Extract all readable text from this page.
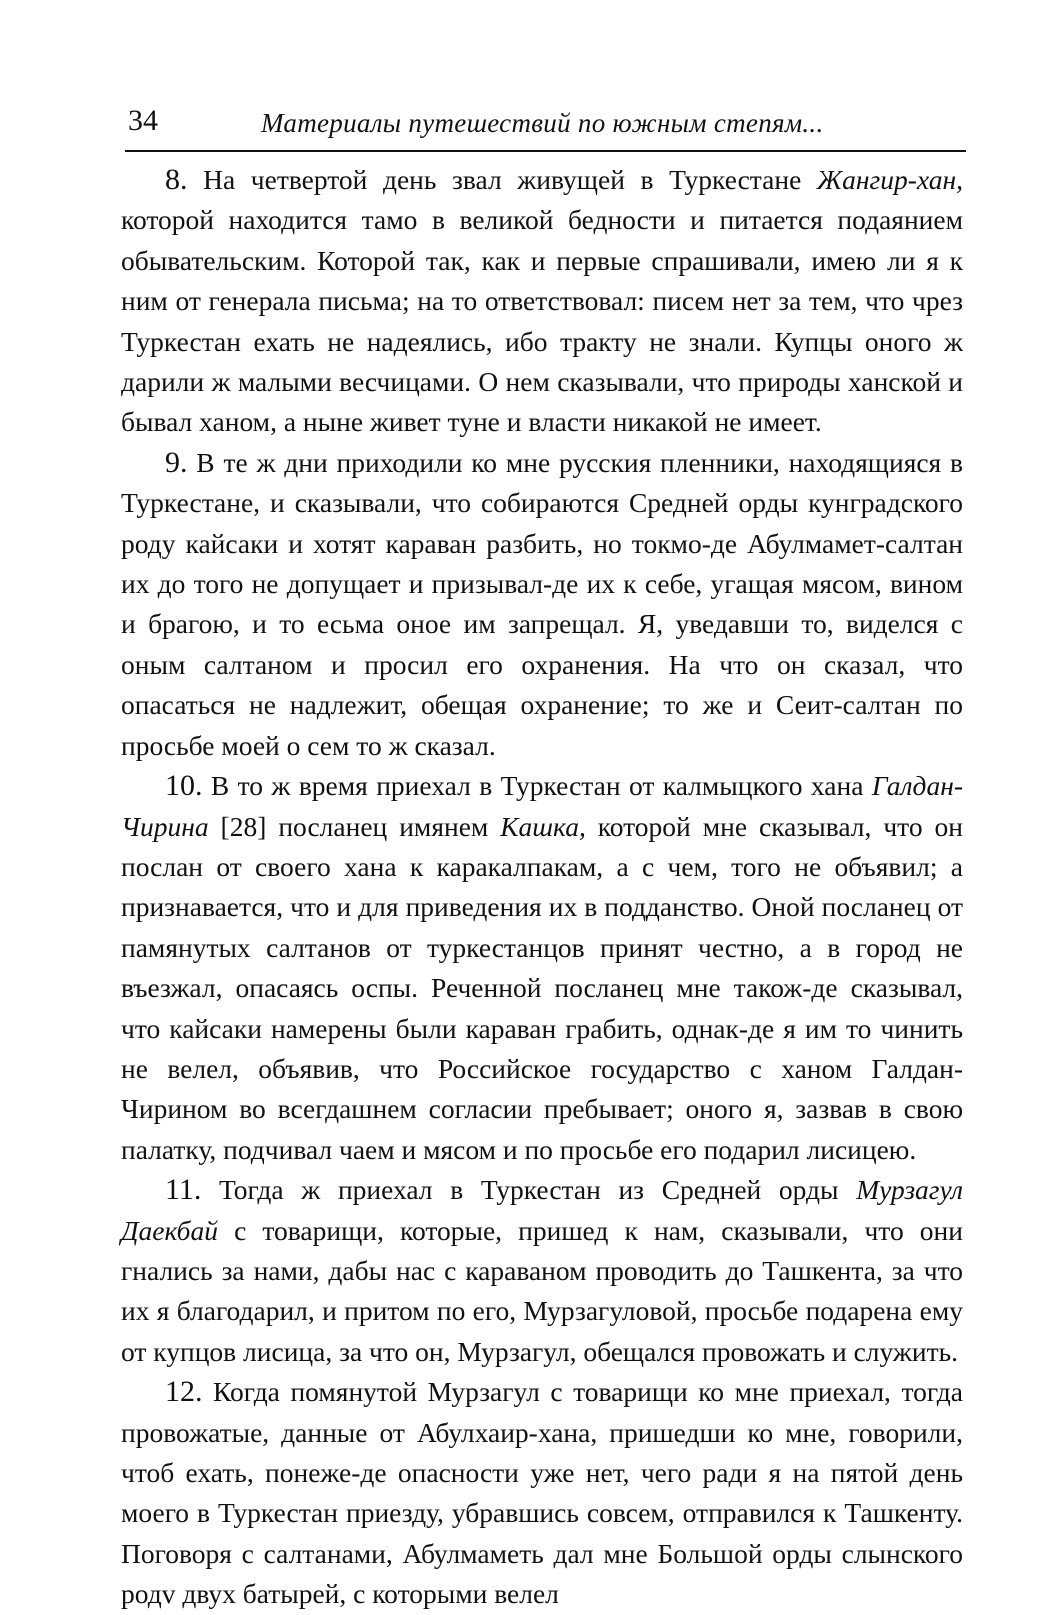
34	Материалы путешествий по южным степям...

8. На четвертой день звал живущей в Туркестане Жангир-хан, которой находится тамо в великой бедности и питается подаянием обывательским. Которой так, как и первые спрашивали, имею ли я к ним от генерала письма; на то ответствовал: писем нет за тем, что чрез Туркестан ехать не надеялись, ибо тракту не знали. Купцы оного ж дарили ж малыми весчицами. О нем сказывали, что природы ханской и бывал ханом, а ныне живет туне и власти никакой не имеет.

9. В те ж дни приходили ко мне русския пленники, находящияся в Туркестане, и сказывали, что собираются Средней орды кунградского роду кайсаки и хотят караван разбить, но токмо-де Абулмамет-салтан их до того не допущает и призывал-де их к себе, угащая мясом, вином и брагою, и то есьма оное им запрещал. Я, уведавши то, виделся с оным салтаном и просил его охранения. На что он сказал, что опасаться не надлежит, обещая охранение; то же и Сеит-салтан по просьбе моей о сем то ж сказал.

10. В то ж время приехал в Туркестан от калмыцкого хана Галдан-Чирина [28] посланец имянем Кашка, которой мне сказывал, что он послан от своего хана к каракалпакам, а с чем, того не объявил; а признавается, что и для приведения их в подданство. Оной посланец от памянутых салтанов от туркестанцов принят честно, а в город не въезжал, опасаясь оспы. Реченной посланец мне також-де сказывал, что кайсаки намерены были караван грабить, однак-де я им то чинить не велел, объявив, что Российское государство с ханом Галдан-Чирином во всегдашнем согласии пребывает; оного я, зазвав в свою палатку, подчивал чаем и мясом и по просьбе его подарил лисицею.

11. Тогда ж приехал в Туркестан из Средней орды Мурзагул Даекбай с товарищи, которые, пришед к нам, сказывали, что они гнались за нами, дабы нас с караваном проводить до Ташкента, за что их я благодарил, и притом по его, Мурзагуловой, просьбе подарена ему от купцов лисица, за что он, Мурзагул, обещался провожать и служить.

12. Когда помянутой Мурзагул с товарищи ко мне приехал, тогда провожатые, данные от Абулхаир-хана, пришедши ко мне, говорили, чтоб ехать, понеже-де опасности уже нет, чего ради я на пятой день моего в Туркестан приезду, убравшись совсем, отправился к Ташкенту. Поговоря с салтанами, Абулмаметь дал мне Большой орды слынского родv двух батырей, с которыми велел
